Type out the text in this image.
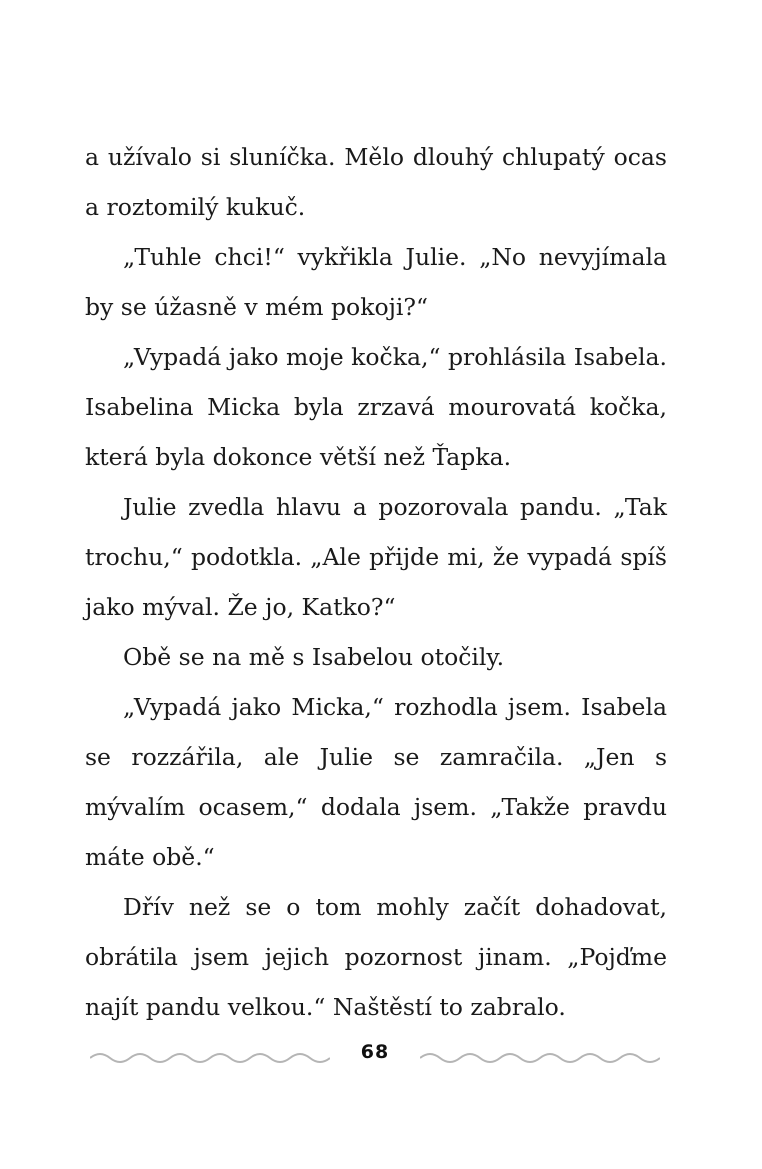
a užívalo si sluníčka. Mělo dlouhý chlupatý ocas a roztomilý kukuč.

„Tuhle chci!“ vykřikla Julie. „No nevyjímala by se úžasně v mém pokoji?“

„Vypadá jako moje kočka,“ prohlásila Isabela. Isabelina Micka byla zrzavá mourovatá kočka, která byla dokonce větší než Ťapka.

Julie zvedla hlavu a pozorovala pandu. „Tak trochu,“ podotkla. „Ale přijde mi, že vypadá spíš jako mýval. Že jo, Katko?“

Obě se na mě s Isabelou otočily.

„Vypadá jako Micka,“ rozhodla jsem. Isabela se rozzářila, ale Julie se zamračila. „Jen s mývalím ocasem,“ dodala jsem. „Takže pravdu máte obě.“

Dřív než se o tom mohly začít dohadovat, obrátila jsem jejich pozornost jinam. „Pojďme najít pandu velkou.“ Naštěstí to zabralo.

68
